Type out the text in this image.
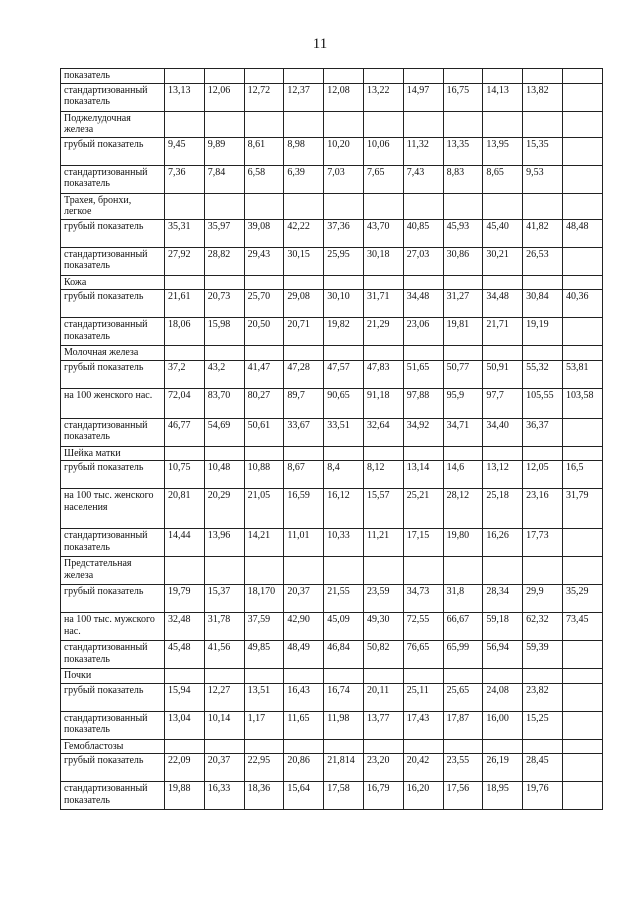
11
показатель											
стандартизованный показатель	13,13	12,06	12,72	12,37	12,08	13,22	14,97	16,75	14,13	13,82	
Поджелудочная железа											
грубый показатель	9,45	9,89	8,61	8,98	10,20	10,06	11,32	13,35	13,95	15,35	
стандартизованный показатель	7,36	7,84	6,58	6,39	7,03	7,65	7,43	8,83	8,65	9,53	
Трахея, бронхи, легкое											
грубый показатель	35,31	35,97	39,08	42,22	37,36	43,70	40,85	45,93	45,40	41,82	48,48
стандартизованный показатель	27,92	28,82	29,43	30,15	25,95	30,18	27,03	30,86	30,21	26,53	
Кожа											
грубый показатель	21,61	20,73	25,70	29,08	30,10	31,71	34,48	31,27	34,48	30,84	40,36
стандартизованный показатель	18,06	15,98	20,50	20,71	19,82	21,29	23,06	19,81	21,71	19,19	
Молочная железа											
грубый показатель	37,2	43,2	41,47	47,28	47,57	47,83	51,65	50,77	50,91	55,32	53,81
на 100 женского нас.	72,04	83,70	80,27	89,7	90,65	91,18	97,88	95,9	97,7	105,55	103,58
стандартизованный показатель	46,77	54,69	50,61	33,67	33,51	32,64	34,92	34,71	34,40	36,37	
Шейка матки											
грубый показатель	10,75	10,48	10,88	8,67	8,4	8,12	13,14	14,6	13,12	12,05	16,5
на 100 тыс. женского населения	20,81	20,29	21,05	16,59	16,12	15,57	25,21	28,12	25,18	23,16	31,79
стандартизованный показатель	14,44	13,96	14,21	11,01	10,33	11,21	17,15	19,80	16,26	17,73	
Предстательная железа											
грубый показатель	19,79	15,37	18,170	20,37	21,55	23,59	34,73	31,8	28,34	29,9	35,29
на 100 тыс. мужского нас.	32,48	31,78	37,59	42,90	45,09	49,30	72,55	66,67	59,18	62,32	73,45
стандартизованный показатель	45,48	41,56	49,85	48,49	46,84	50,82	76,65	65,99	56,94	59,39	
Почки											
грубый показатель	15,94	12,27	13,51	16,43	16,74	20,11	25,11	25,65	24,08	23,82	
стандартизованный показатель	13,04	10,14	1,17	11,65	11,98	13,77	17,43	17,87	16,00	15,25	
Гемобластозы											
грубый показатель	22,09	20,37	22,95	20,86	21,814	23,20	20,42	23,55	26,19	28,45	
стандартизованный показатель	19,88	16,33	18,36	15,64	17,58	16,79	16,20	17,56	18,95	19,76	
